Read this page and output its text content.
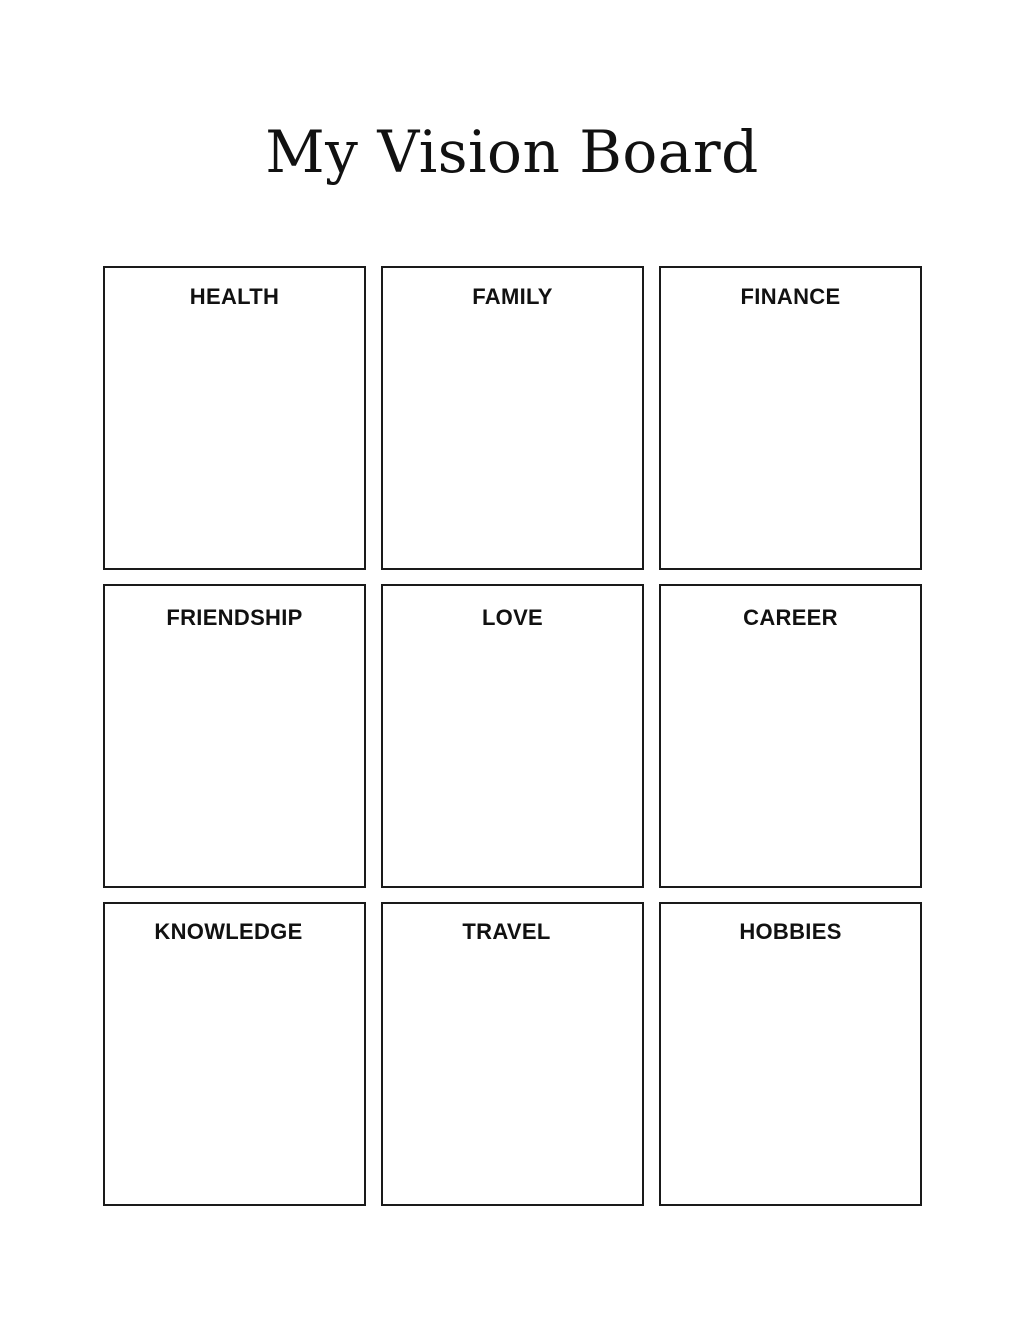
My Vision Board
HEALTH	FAMILY	FINANCE
FRIENDSHIP	LOVE	CAREER
KNOWLEDGE	TRAVEL	HOBBIES
